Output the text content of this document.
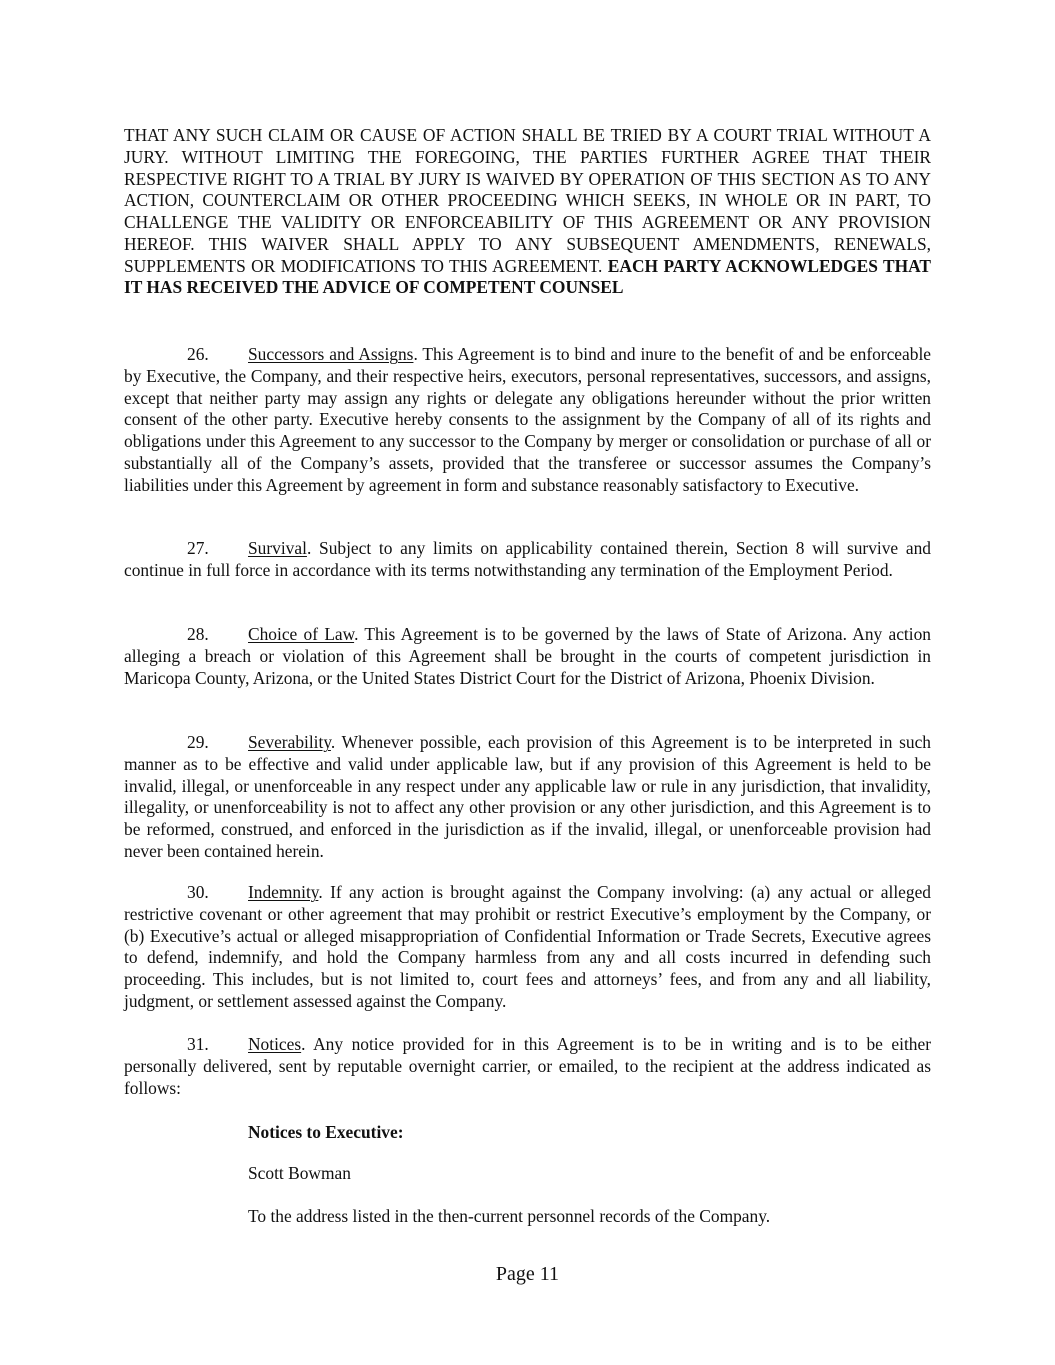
THAT ANY SUCH CLAIM OR CAUSE OF ACTION SHALL BE TRIED BY A COURT TRIAL WITHOUT A JURY. WITHOUT LIMITING THE FOREGOING, THE PARTIES FURTHER AGREE THAT THEIR RESPECTIVE RIGHT TO A TRIAL BY JURY IS WAIVED BY OPERATION OF THIS SECTION AS TO ANY ACTION, COUNTERCLAIM OR OTHER PROCEEDING WHICH SEEKS, IN WHOLE OR IN PART, TO CHALLENGE THE VALIDITY OR ENFORCEABILITY OF THIS AGREEMENT OR ANY PROVISION HEREOF. THIS WAIVER SHALL APPLY TO ANY SUBSEQUENT AMENDMENTS, RENEWALS, SUPPLEMENTS OR MODIFICATIONS TO THIS AGREEMENT. EACH PARTY ACKNOWLEDGES THAT IT HAS RECEIVED THE ADVICE OF COMPETENT COUNSEL

26. Successors and Assigns. This Agreement is to bind and inure to the benefit of and be enforceable by Executive, the Company, and their respective heirs, executors, personal representatives, successors, and assigns, except that neither party may assign any rights or delegate any obligations hereunder without the prior written consent of the other party. Executive hereby consents to the assignment by the Company of all of its rights and obligations under this Agreement to any successor to the Company by merger or consolidation or purchase of all or substantially all of the Company’s assets, provided that the transferee or successor assumes the Company’s liabilities under this Agreement by agreement in form and substance reasonably satisfactory to Executive.

27. Survival. Subject to any limits on applicability contained therein, Section 8 will survive and continue in full force in accordance with its terms notwithstanding any termination of the Employment Period.

28. Choice of Law. This Agreement is to be governed by the laws of State of Arizona. Any action alleging a breach or violation of this Agreement shall be brought in the courts of competent jurisdiction in Maricopa County, Arizona, or the United States District Court for the District of Arizona, Phoenix Division.

29. Severability. Whenever possible, each provision of this Agreement is to be interpreted in such manner as to be effective and valid under applicable law, but if any provision of this Agreement is held to be invalid, illegal, or unenforceable in any respect under any applicable law or rule in any jurisdiction, that invalidity, illegality, or unenforceability is not to affect any other provision or any other jurisdiction, and this Agreement is to be reformed, construed, and enforced in the jurisdiction as if the invalid, illegal, or unenforceable provision had never been contained herein.

30. Indemnity. If any action is brought against the Company involving: (a) any actual or alleged restrictive covenant or other agreement that may prohibit or restrict Executive’s employment by the Company, or (b) Executive’s actual or alleged misappropriation of Confidential Information or Trade Secrets, Executive agrees to defend, indemnify, and hold the Company harmless from any and all costs incurred in defending such proceeding. This includes, but is not limited to, court fees and attorneys’ fees, and from any and all liability, judgment, or settlement assessed against the Company.

31. Notices. Any notice provided for in this Agreement is to be in writing and is to be either personally delivered, sent by reputable overnight carrier, or emailed, to the recipient at the address indicated as follows:

Notices to Executive:

Scott Bowman

To the address listed in the then-current personnel records of the Company.

Page 11
